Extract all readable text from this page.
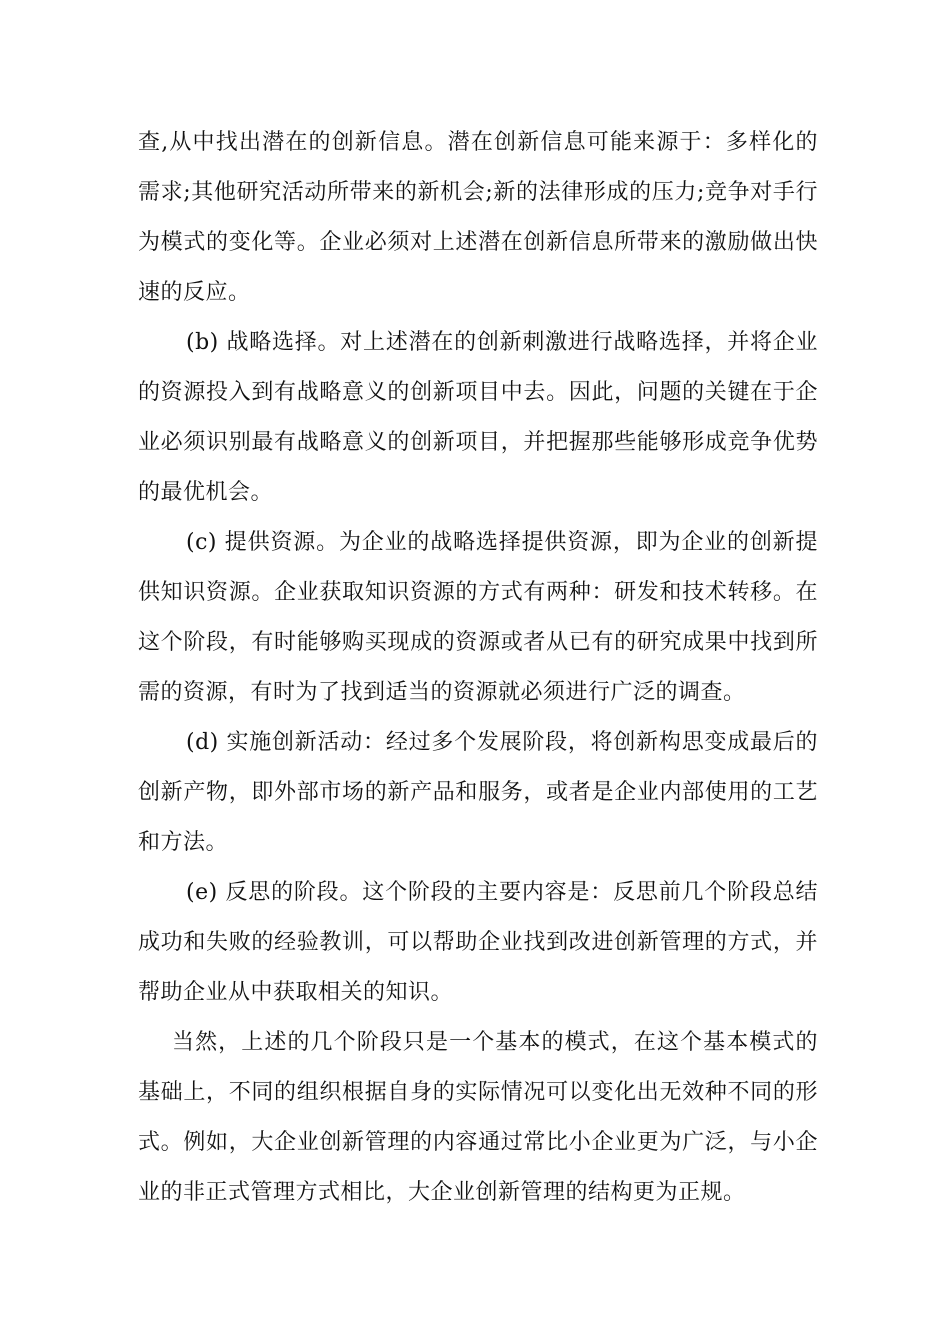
查,从中找出潜在的创新信息。潜在创新信息可能来源于：多样化的需求;其他研究活动所带来的新机会;新的法律形成的压力;竞争对手行为模式的变化等。企业必须对上述潜在创新信息所带来的激励做出快速的反应。

(b) 战略选择。对上述潜在的创新刺激进行战略选择，并将企业的资源投入到有战略意义的创新项目中去。因此，问题的关键在于企业必须识别最有战略意义的创新项目，并把握那些能够形成竞争优势的最优机会。

(c) 提供资源。为企业的战略选择提供资源，即为企业的创新提供知识资源。企业获取知识资源的方式有两种：研发和技术转移。在这个阶段，有时能够购买现成的资源或者从已有的研究成果中找到所需的资源，有时为了找到适当的资源就必须进行广泛的调查。

(d) 实施创新活动：经过多个发展阶段，将创新构思变成最后的创新产物，即外部市场的新产品和服务，或者是企业内部使用的工艺和方法。

(e) 反思的阶段。这个阶段的主要内容是：反思前几个阶段总结成功和失败的经验教训，可以帮助企业找到改进创新管理的方式，并帮助企业从中获取相关的知识。

当然，上述的几个阶段只是一个基本的模式，在这个基本模式的基础上，不同的组织根据自身的实际情况可以变化出无效种不同的形式。例如，大企业创新管理的内容通过常比小企业更为广泛，与小企业的非正式管理方式相比，大企业创新管理的结构更为正规。
